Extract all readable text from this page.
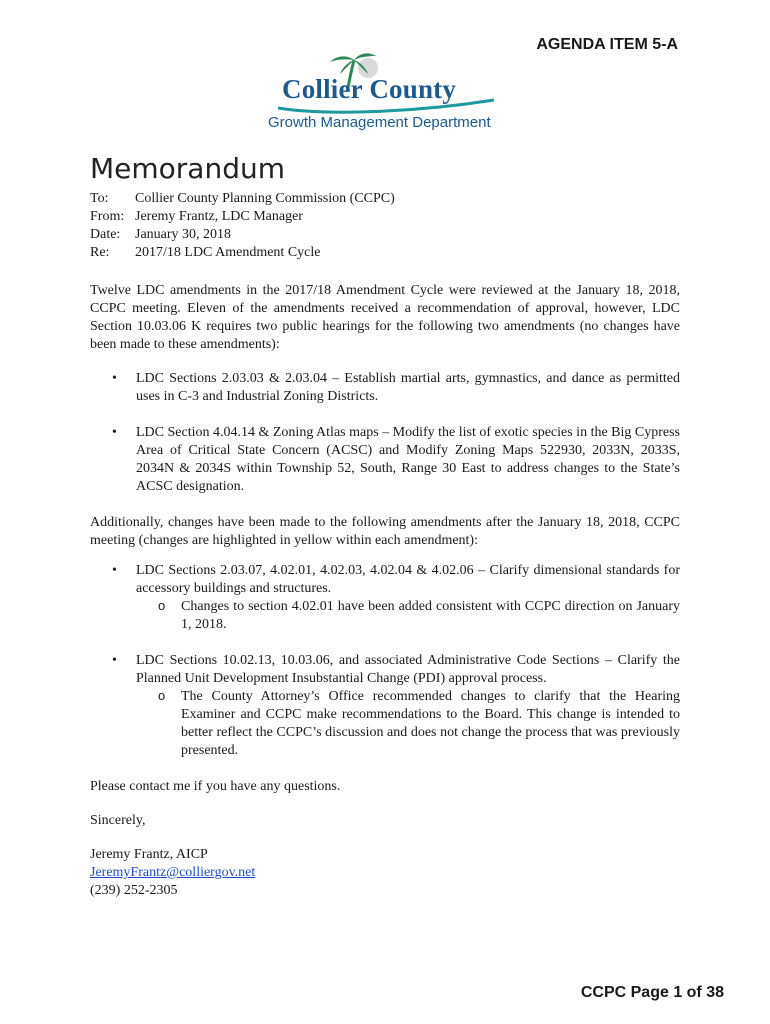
AGENDA ITEM 5-A
Collier County
Growth Management Department
Memorandum
To:	Collier County Planning Commission (CCPC)
From: Jeremy Frantz, LDC Manager
Date:	January 30, 2018
Re:	2017/18 LDC Amendment Cycle

Twelve LDC amendments in the 2017/18 Amendment Cycle were reviewed at the January 18, 2018, CCPC meeting. Eleven of the amendments received a recommendation of approval, however, LDC Section 10.03.06 K requires two public hearings for the following two amendments (no changes have been made to these amendments):

• LDC Sections 2.03.03 & 2.03.04 – Establish martial arts, gymnastics, and dance as permitted uses in C-3 and Industrial Zoning Districts.
• LDC Section 4.04.14 & Zoning Atlas maps – Modify the list of exotic species in the Big Cypress Area of Critical State Concern (ACSC) and Modify Zoning Maps 522930, 2033N, 2033S, 2034N & 2034S within Township 52, South, Range 30 East to address changes to the State’s ACSC designation.

Additionally, changes have been made to the following amendments after the January 18, 2018, CCPC meeting (changes are highlighted in yellow within each amendment):

• LDC Sections 2.03.07, 4.02.01, 4.02.03, 4.02.04 & 4.02.06 – Clarify dimensional standards for accessory buildings and structures.
o Changes to section 4.02.01 have been added consistent with CCPC direction on January 1, 2018.
• LDC Sections 10.02.13, 10.03.06, and associated Administrative Code Sections – Clarify the Planned Unit Development Insubstantial Change (PDI) approval process.
o The County Attorney’s Office recommended changes to clarify that the Hearing Examiner and CCPC make recommendations to the Board. This change is intended to better reflect the CCPC’s discussion and does not change the process that was previously presented.

Please contact me if you have any questions.

Sincerely,

Jeremy Frantz, AICP
JeremyFrantz@colliergov.net
(239) 252-2305
CCPC Page 1 of 38
